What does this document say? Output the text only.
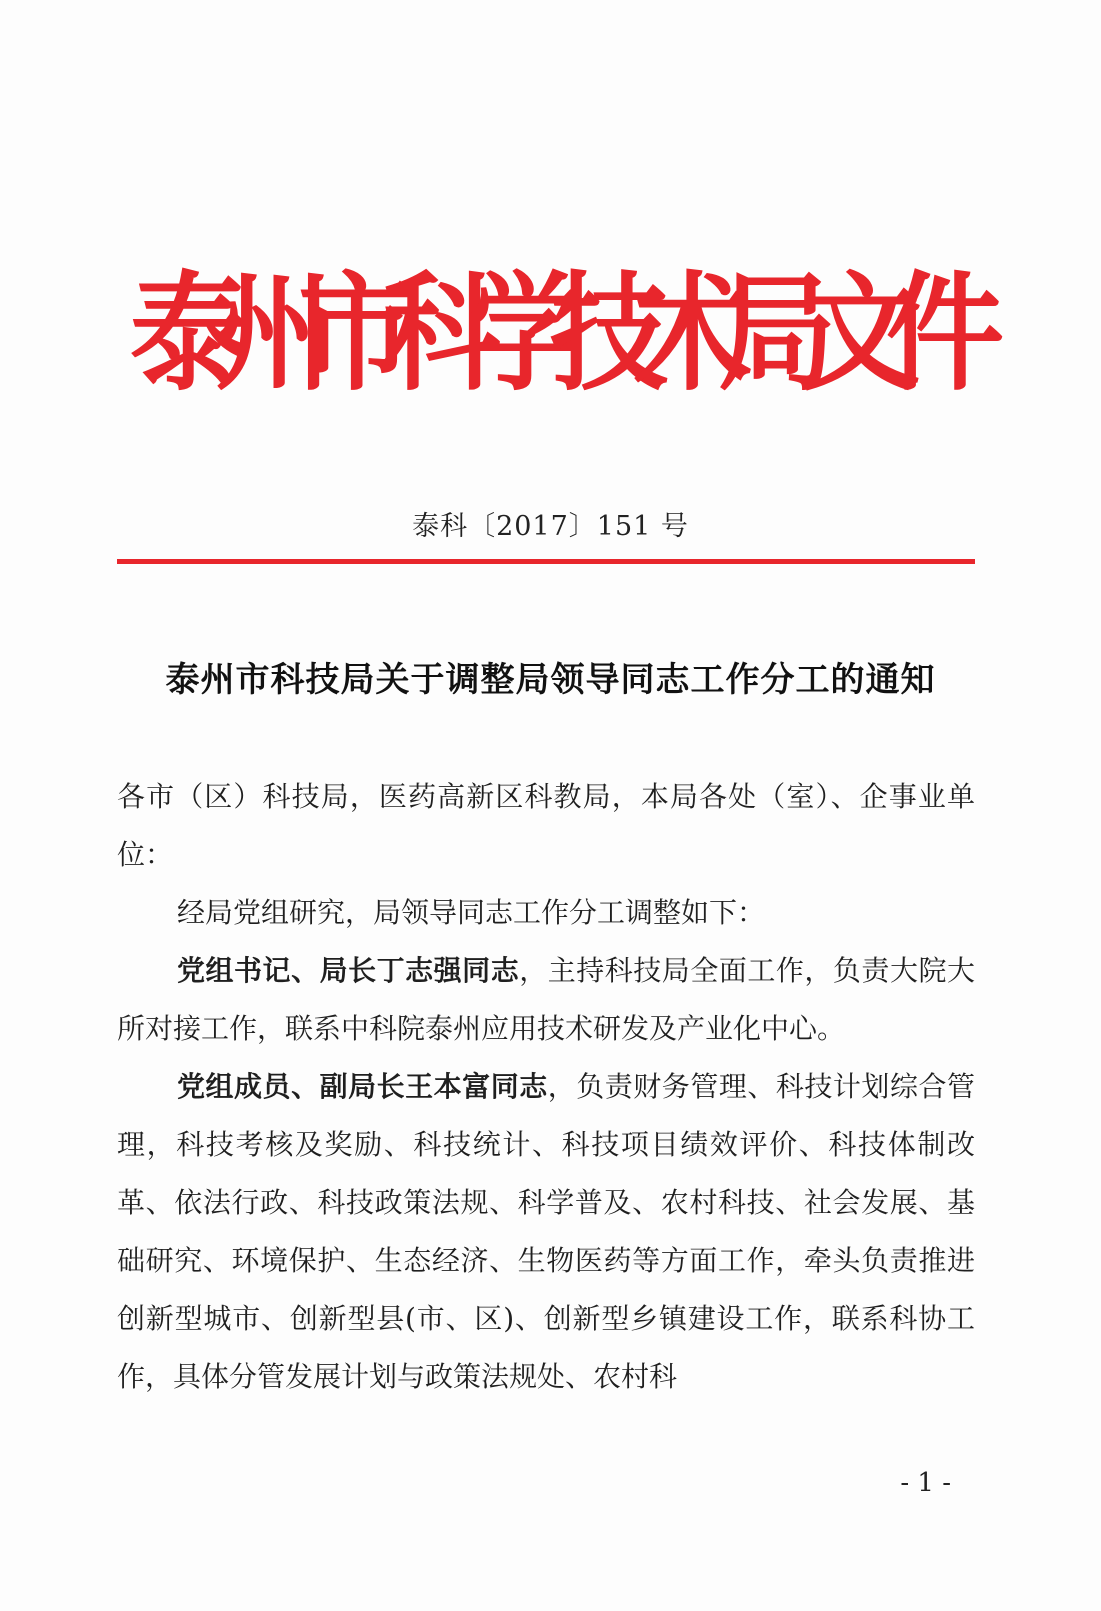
泰
州
市
科
学
技
术
局
文
件
泰科〔2017〕151 号
泰州市科技局关于调整局领导同志工作分工的通知

各市（区）科技局，医药高新区科教局，本局各处（室）、企事业单位：

经局党组研究，局领导同志工作分工调整如下：

党组书记、局长丁志强同志，主持科技局全面工作，负责大院大所对接工作，联系中科院泰州应用技术研发及产业化中心。

党组成员、副局长王本富同志，负责财务管理、科技计划综合管理，科技考核及奖励、科技统计、科技项目绩效评价、科技体制改革、依法行政、科技政策法规、科学普及、农村科技、社会发展、基础研究、环境保护、生态经济、生物医药等方面工作，牵头负责推进创新型城市、创新型县(市、区)、创新型乡镇建设工作，联系科协工作，具体分管发展计划与政策法规处、农村科

- 1 -
